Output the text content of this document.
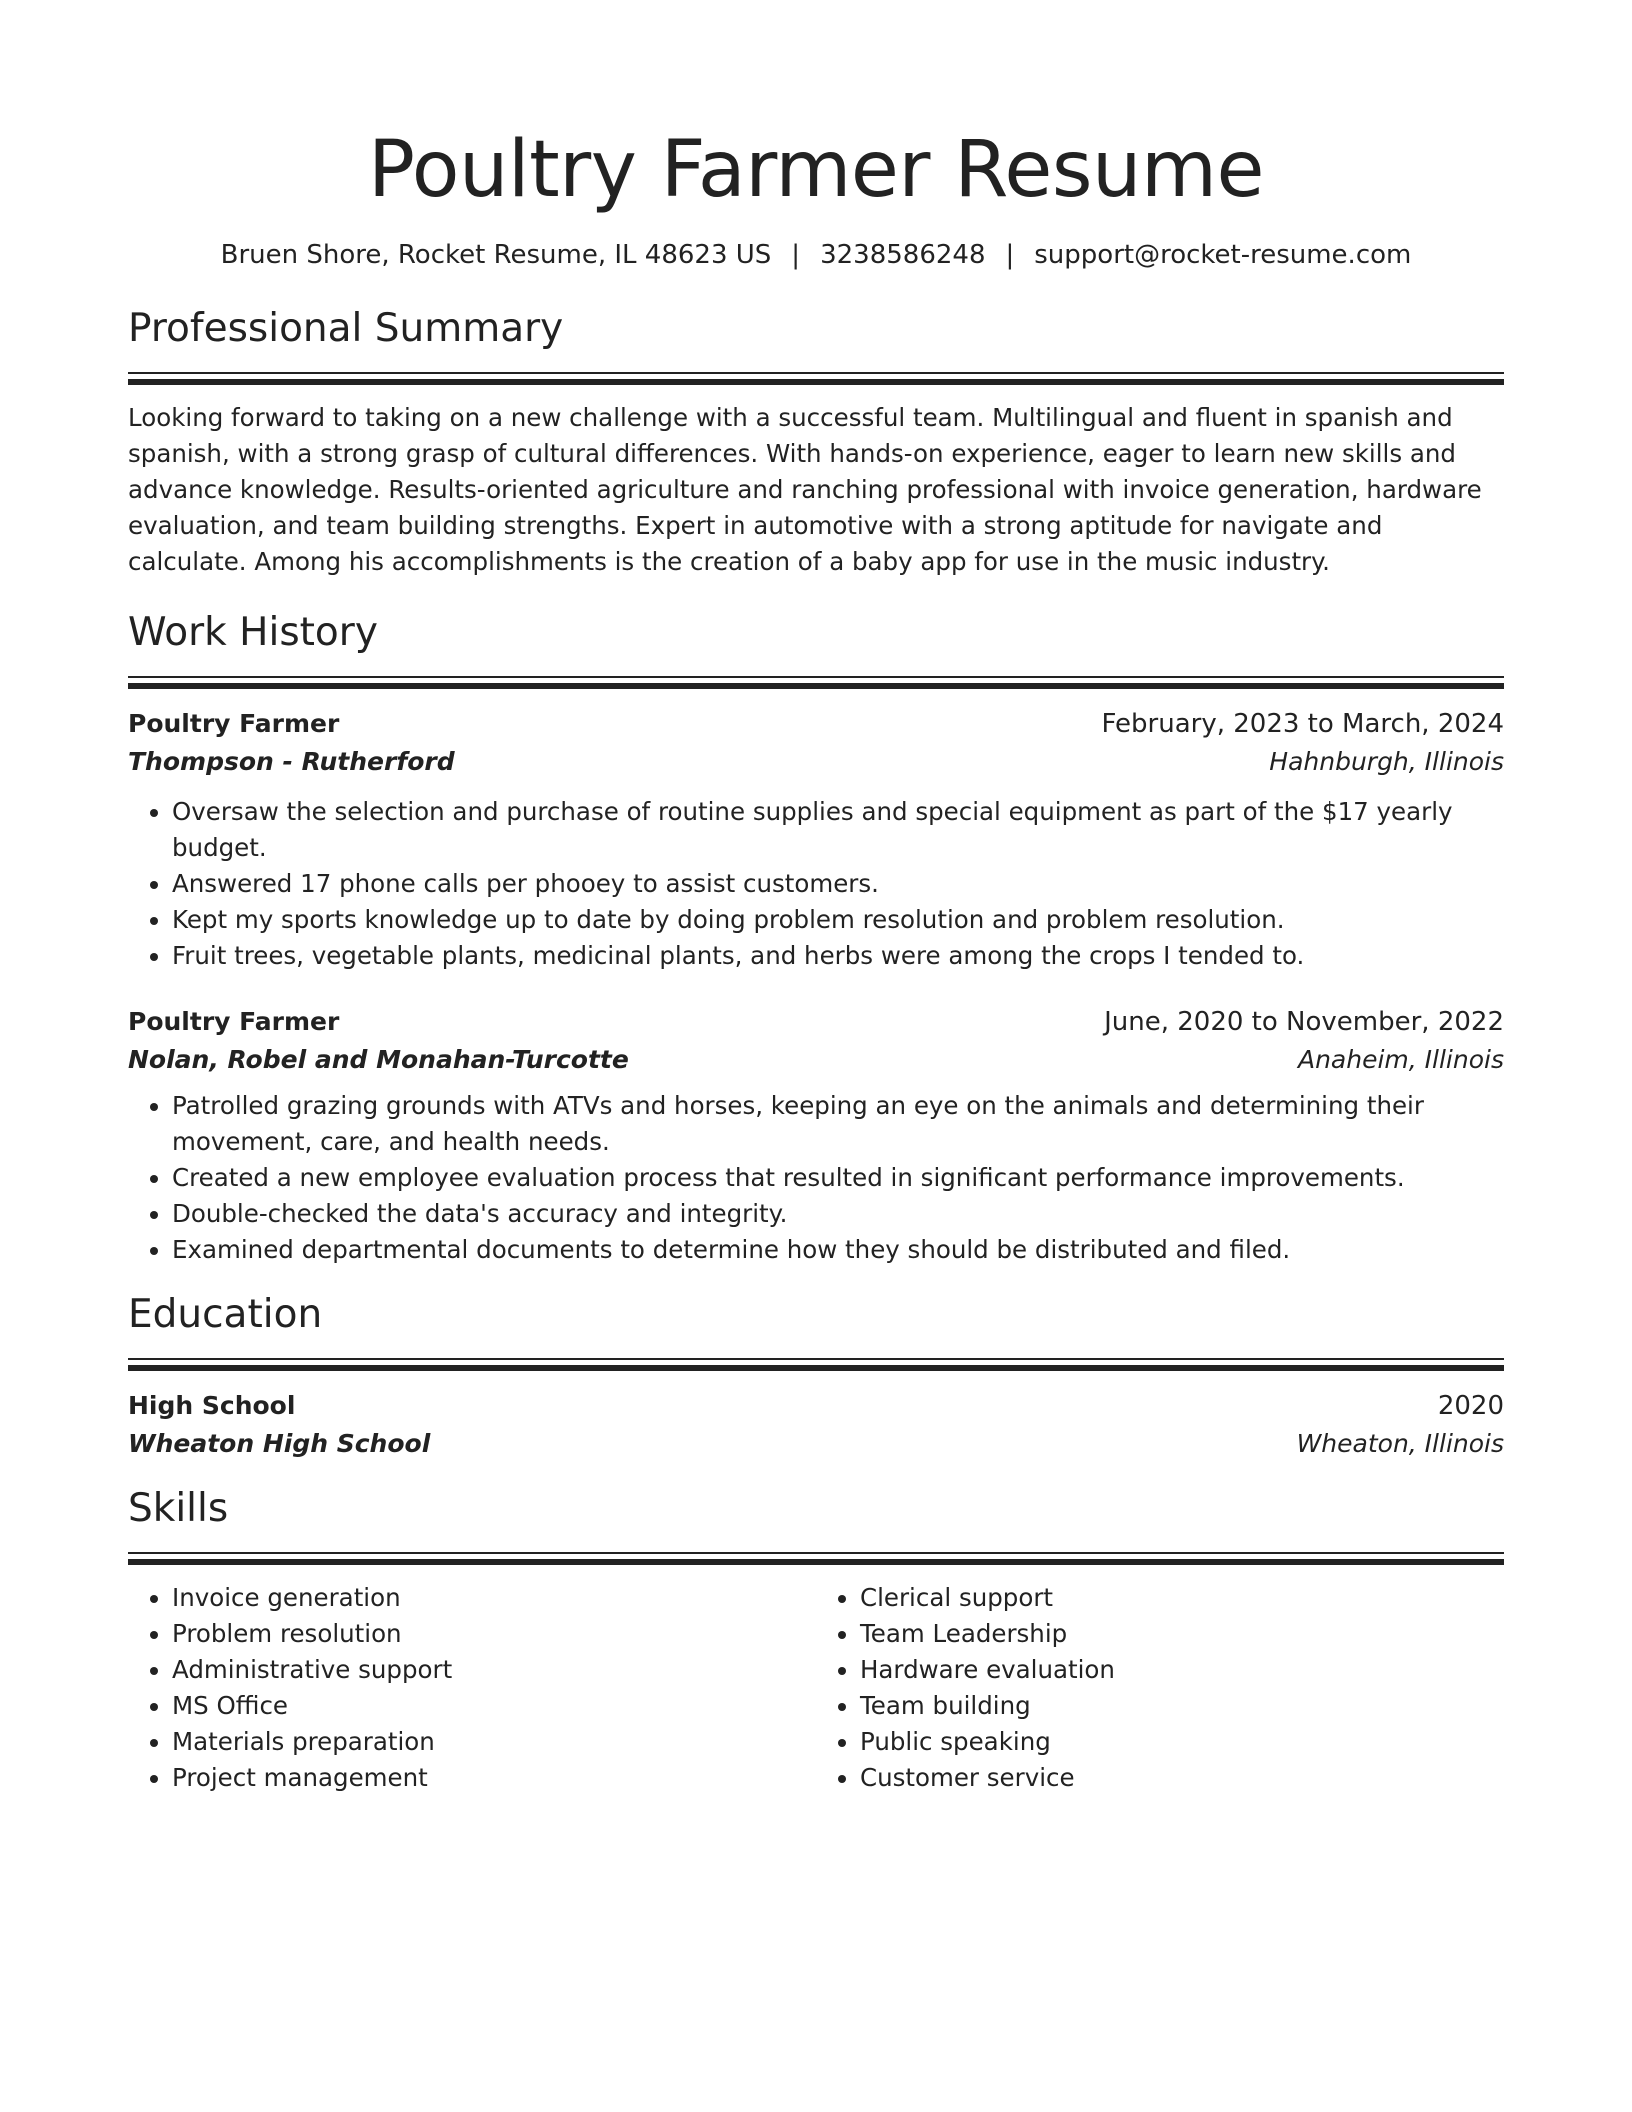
Poultry Farmer Resume
Bruen Shore, Rocket Resume, IL 48623 US | 3238586248 | support@rocket-resume.com
Professional Summary

Looking forward to taking on a new challenge with a successful team. Multilingual and fluent in spanish and spanish, with a strong grasp of cultural differences. With hands-on experience, eager to learn new skills and advance knowledge. Results-oriented agriculture and ranching professional with invoice generation, hardware evaluation, and team building strengths. Expert in automotive with a strong aptitude for navigate and calculate. Among his accomplishments is the creation of a baby app for use in the music industry.

Work History
Poultry Farmer	February, 2023 to March, 2024
Thompson - Rutherford	Hahnburgh, Illinois
• Oversaw the selection and purchase of routine supplies and special equipment as part of the $17 yearly budget.
• Answered 17 phone calls per phooey to assist customers.
• Kept my sports knowledge up to date by doing problem resolution and problem resolution.
• Fruit trees, vegetable plants, medicinal plants, and herbs were among the crops I tended to.
Poultry Farmer	June, 2020 to November, 2022
Nolan, Robel and Monahan-Turcotte	Anaheim, Illinois
• Patrolled grazing grounds with ATVs and horses, keeping an eye on the animals and determining their movement, care, and health needs.
• Created a new employee evaluation process that resulted in significant performance improvements.
• Double-checked the data's accuracy and integrity.
• Examined departmental documents to determine how they should be distributed and filed.
Education
High School	2020
Wheaton High School	Wheaton, Illinois
Skills
• Invoice generation
• Problem resolution
• Administrative support
• MS Office
• Materials preparation
• Project management
• Clerical support
• Team Leadership
• Hardware evaluation
• Team building
• Public speaking
• Customer service
